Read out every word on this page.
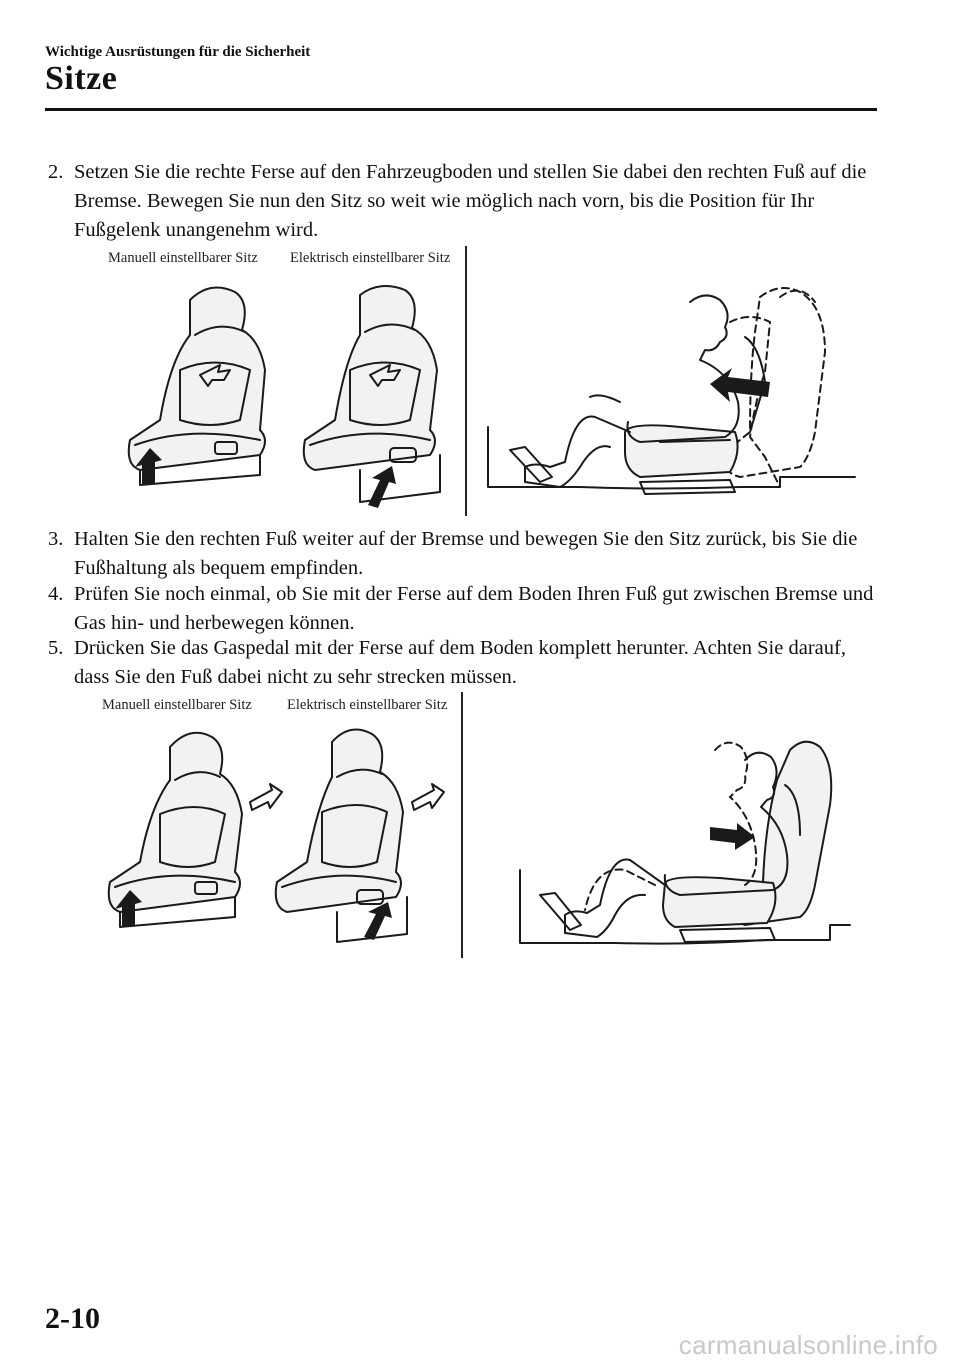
Wichtige Ausrüstungen für die Sicherheit
Sitze
2. Setzen Sie die rechte Ferse auf den Fahrzeugboden und stellen Sie dabei den rechten Fuß auf die Bremse. Bewegen Sie nun den Sitz so weit wie möglich nach vorn, bis die Position für Ihr Fußgelenk unangenehm wird.
Manuell einstellbarer Sitz Elektrisch einstellbarer Sitz
3. Halten Sie den rechten Fuß weiter auf der Bremse und bewegen Sie den Sitz zurück, bis Sie die Fußhaltung als bequem empfinden.
4. Prüfen Sie noch einmal, ob Sie mit der Ferse auf dem Boden Ihren Fuß gut zwischen Bremse und Gas hin- und herbewegen können.
5. Drücken Sie das Gaspedal mit der Ferse auf dem Boden komplett herunter. Achten Sie darauf, dass Sie den Fuß dabei nicht zu sehr strecken müssen.
Manuell einstellbarer Sitz Elektrisch einstellbarer Sitz
2-10
carmanualsonline.info
